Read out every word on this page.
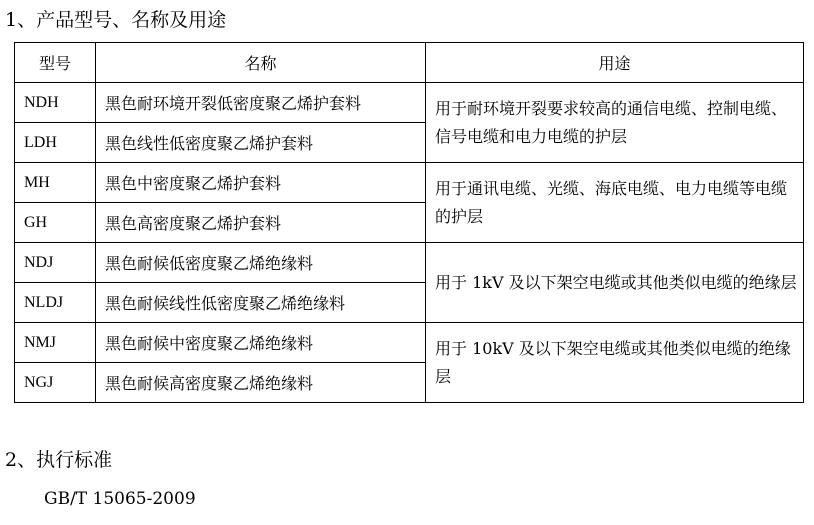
1、产品型号、名称及用途
型号	名称	用途
NDH	黑色耐环境开裂低密度聚乙烯护套料	用于耐环境开裂要求较高的通信电缆、控制电缆、信号电缆和电力电缆的护层
LDH	黑色线性低密度聚乙烯护套料	
MH	黑色中密度聚乙烯护套料	用于通讯电缆、光缆、海底电缆、电力电缆等电缆的护层
GH	黑色高密度聚乙烯护套料	
NDJ	黑色耐候低密度聚乙烯绝缘料	用于 1kV 及以下架空电缆或其他类似电缆的绝缘层
NLDJ	黑色耐候线性低密度聚乙烯绝缘料	
NMJ	黑色耐候中密度聚乙烯绝缘料	用于 10kV 及以下架空电缆或其他类似电缆的绝缘层
NGJ	黑色耐候高密度聚乙烯绝缘料	
2、执行标准
GB/T 15065-2009
